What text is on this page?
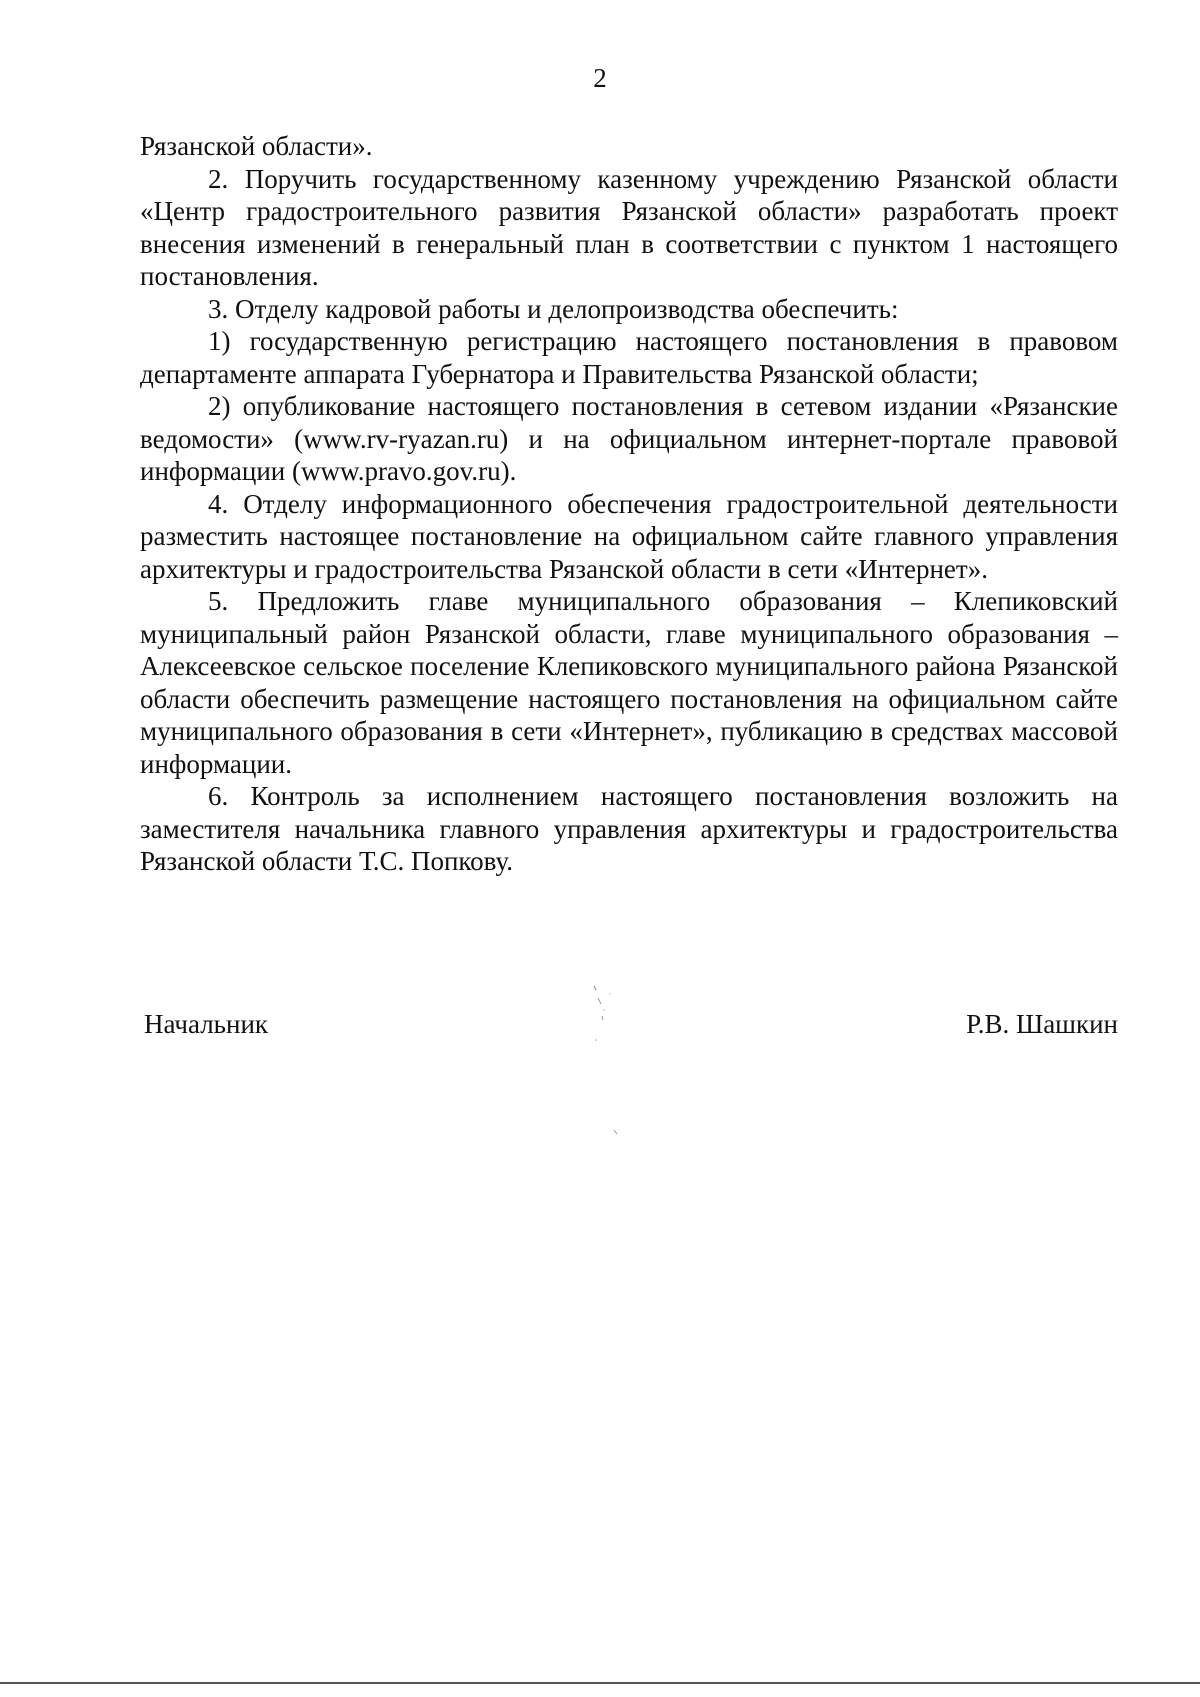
2

Рязанской области».

2. Поручить государственному казенному учреждению Рязанской области «Центр градостроительного развития Рязанской области» разработать проект внесения изменений в генеральный план в соответствии с пунктом 1 настоящего постановления.

3. Отделу кадровой работы и делопроизводства обеспечить:

1) государственную регистрацию настоящего постановления в правовом департаменте аппарата Губернатора и Правительства Рязанской области;

2) опубликование настоящего постановления в сетевом издании «Рязанские ведомости» (www.rv-ryazan.ru) и на официальном интернет-портале правовой информации (www.pravo.gov.ru).

4. Отделу информационного обеспечения градостроительной деятельности разместить настоящее постановление на официальном сайте главного управления архитектуры и градостроительства Рязанской области в сети «Интернет».

5. Предложить главе муниципального образования – Клепиковский муниципальный район Рязанской области, главе муниципального образования – Алексеевское сельское поселение Клепиковского муниципального района Рязанской области обеспечить размещение настоящего постановления на официальном сайте муниципального образования в сети «Интернет», публикацию в средствах массовой информации.

6. Контроль за исполнением настоящего постановления возложить на заместителя начальника главного управления архитектуры и градостроительства Рязанской области Т.С. Попкову.

Начальник	Р.В. Шашкин
